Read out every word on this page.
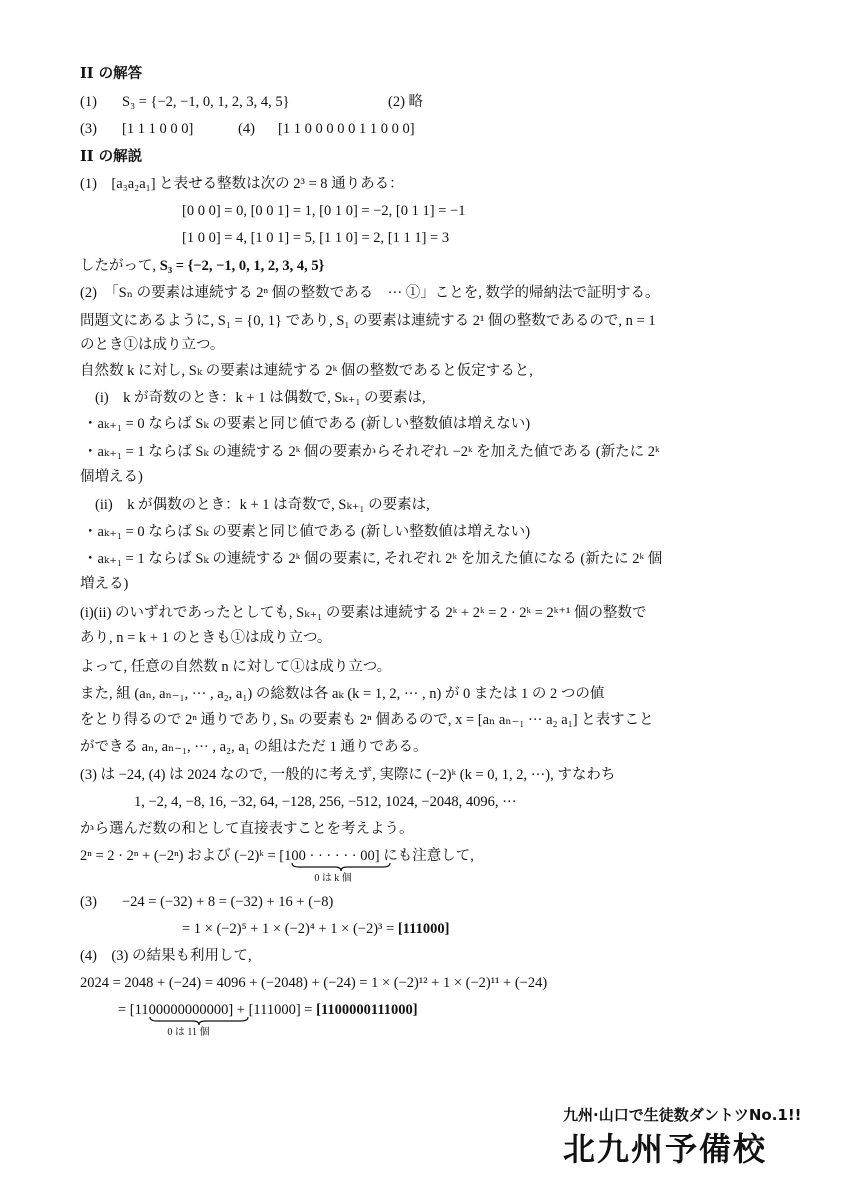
II の解答
(1) S₃ = {−2, −1, 0, 1, 2, 3, 4, 5}	(2) 略
(3) [1 1 1 0 0 0]	(4) [1 1 0 0 0 0 0 1 1 0 0 0]
II の解説
(1)　[a₃a₂a₁] と表せる整数は次の 2³ = 8 通りある：
[0 0 0] = 0, [0 0 1] = 1, [0 1 0] = −2, [0 1 1] = −1
[1 0 0] = 4, [1 0 1] = 5, [1 1 0] = 2, [1 1 1] = 3
したがって, S₃ = {−2, −1, 0, 1, 2, 3, 4, 5}
(2)　「Sₙ の要素は連続する 2ⁿ 個の整数である　··· ①」ことを, 数学的帰納法で証明する。
問題文にあるように, S₁ = {0, 1} であり, S₁ の要素は連続する 2¹ 個の整数であるので, n = 1
のとき①は成り立つ。
自然数 k に対し, Sₖ の要素は連続する 2ᵏ 個の整数であると仮定すると,
(i)　k が奇数のとき：k + 1 は偶数で, Sₖ₊₁ の要素は,
・aₖ₊₁ = 0 ならば Sₖ の要素と同じ値である (新しい整数値は増えない)
・aₖ₊₁ = 1 ならば Sₖ の連続する 2ᵏ 個の要素からそれぞれ −2ᵏ を加えた値である (新たに 2ᵏ
個増える)
(ii)　k が偶数のとき：k + 1 は奇数で, Sₖ₊₁ の要素は,
・aₖ₊₁ = 0 ならば Sₖ の要素と同じ値である (新しい整数値は増えない)
・aₖ₊₁ = 1 ならば Sₖ の連続する 2ᵏ 個の要素に, それぞれ 2ᵏ を加えた値になる (新たに 2ᵏ 個
増える)
(i)(ii) のいずれであったとしても, Sₖ₊₁ の要素は連続する 2ᵏ + 2ᵏ = 2 · 2ᵏ = 2ᵏ⁺¹ 個の整数で
あり, n = k + 1 のときも①は成り立つ。
よって, 任意の自然数 n に対して①は成り立つ。
また, 組 (aₙ, aₙ₋₁, ··· , a₂, a₁) の総数は各 aₖ (k = 1, 2, ··· , n) が 0 または 1 の 2 つの値
をとり得るので 2ⁿ 通りであり, Sₙ の要素も 2ⁿ 個あるので, x = [aₙ aₙ₋₁ ··· a₂ a₁] と表すこと
ができる aₙ, aₙ₋₁, ··· , a₂, a₁ の組はただ 1 通りである。
(3) は −24, (4) は 2024 なので, 一般的に考えず, 実際に (−2)ᵏ (k = 0, 1, 2, ···), すなわち
1, −2, 4, −8, 16, −32, 64, −128, 256, −512, 1024, −2048, 4096, ···
から選んだ数の和として直接表すことを考えよう。
2ⁿ = 2 · 2ⁿ + (−2ⁿ) および (−2)ᵏ = [100 · · · · · · 00
0 は k 個
] にも注意して,
(3) −24 = (−32) + 8 = (−32) + 16 + (−8)
= 1 × (−2)⁵ + 1 × (−2)⁴ + 1 × (−2)³ = [111000]
(4)　(3) の結果も利用して,
2024 = 2048 + (−24) = 4096 + (−2048) + (−24) = 1 × (−2)¹² + 1 × (−2)¹¹ + (−24)
= [1100000000000
0 は 11 個
] + [111000] = [1100000111000]
九州·山口で生徒数ダントツNo.1!!
北九州予備校
